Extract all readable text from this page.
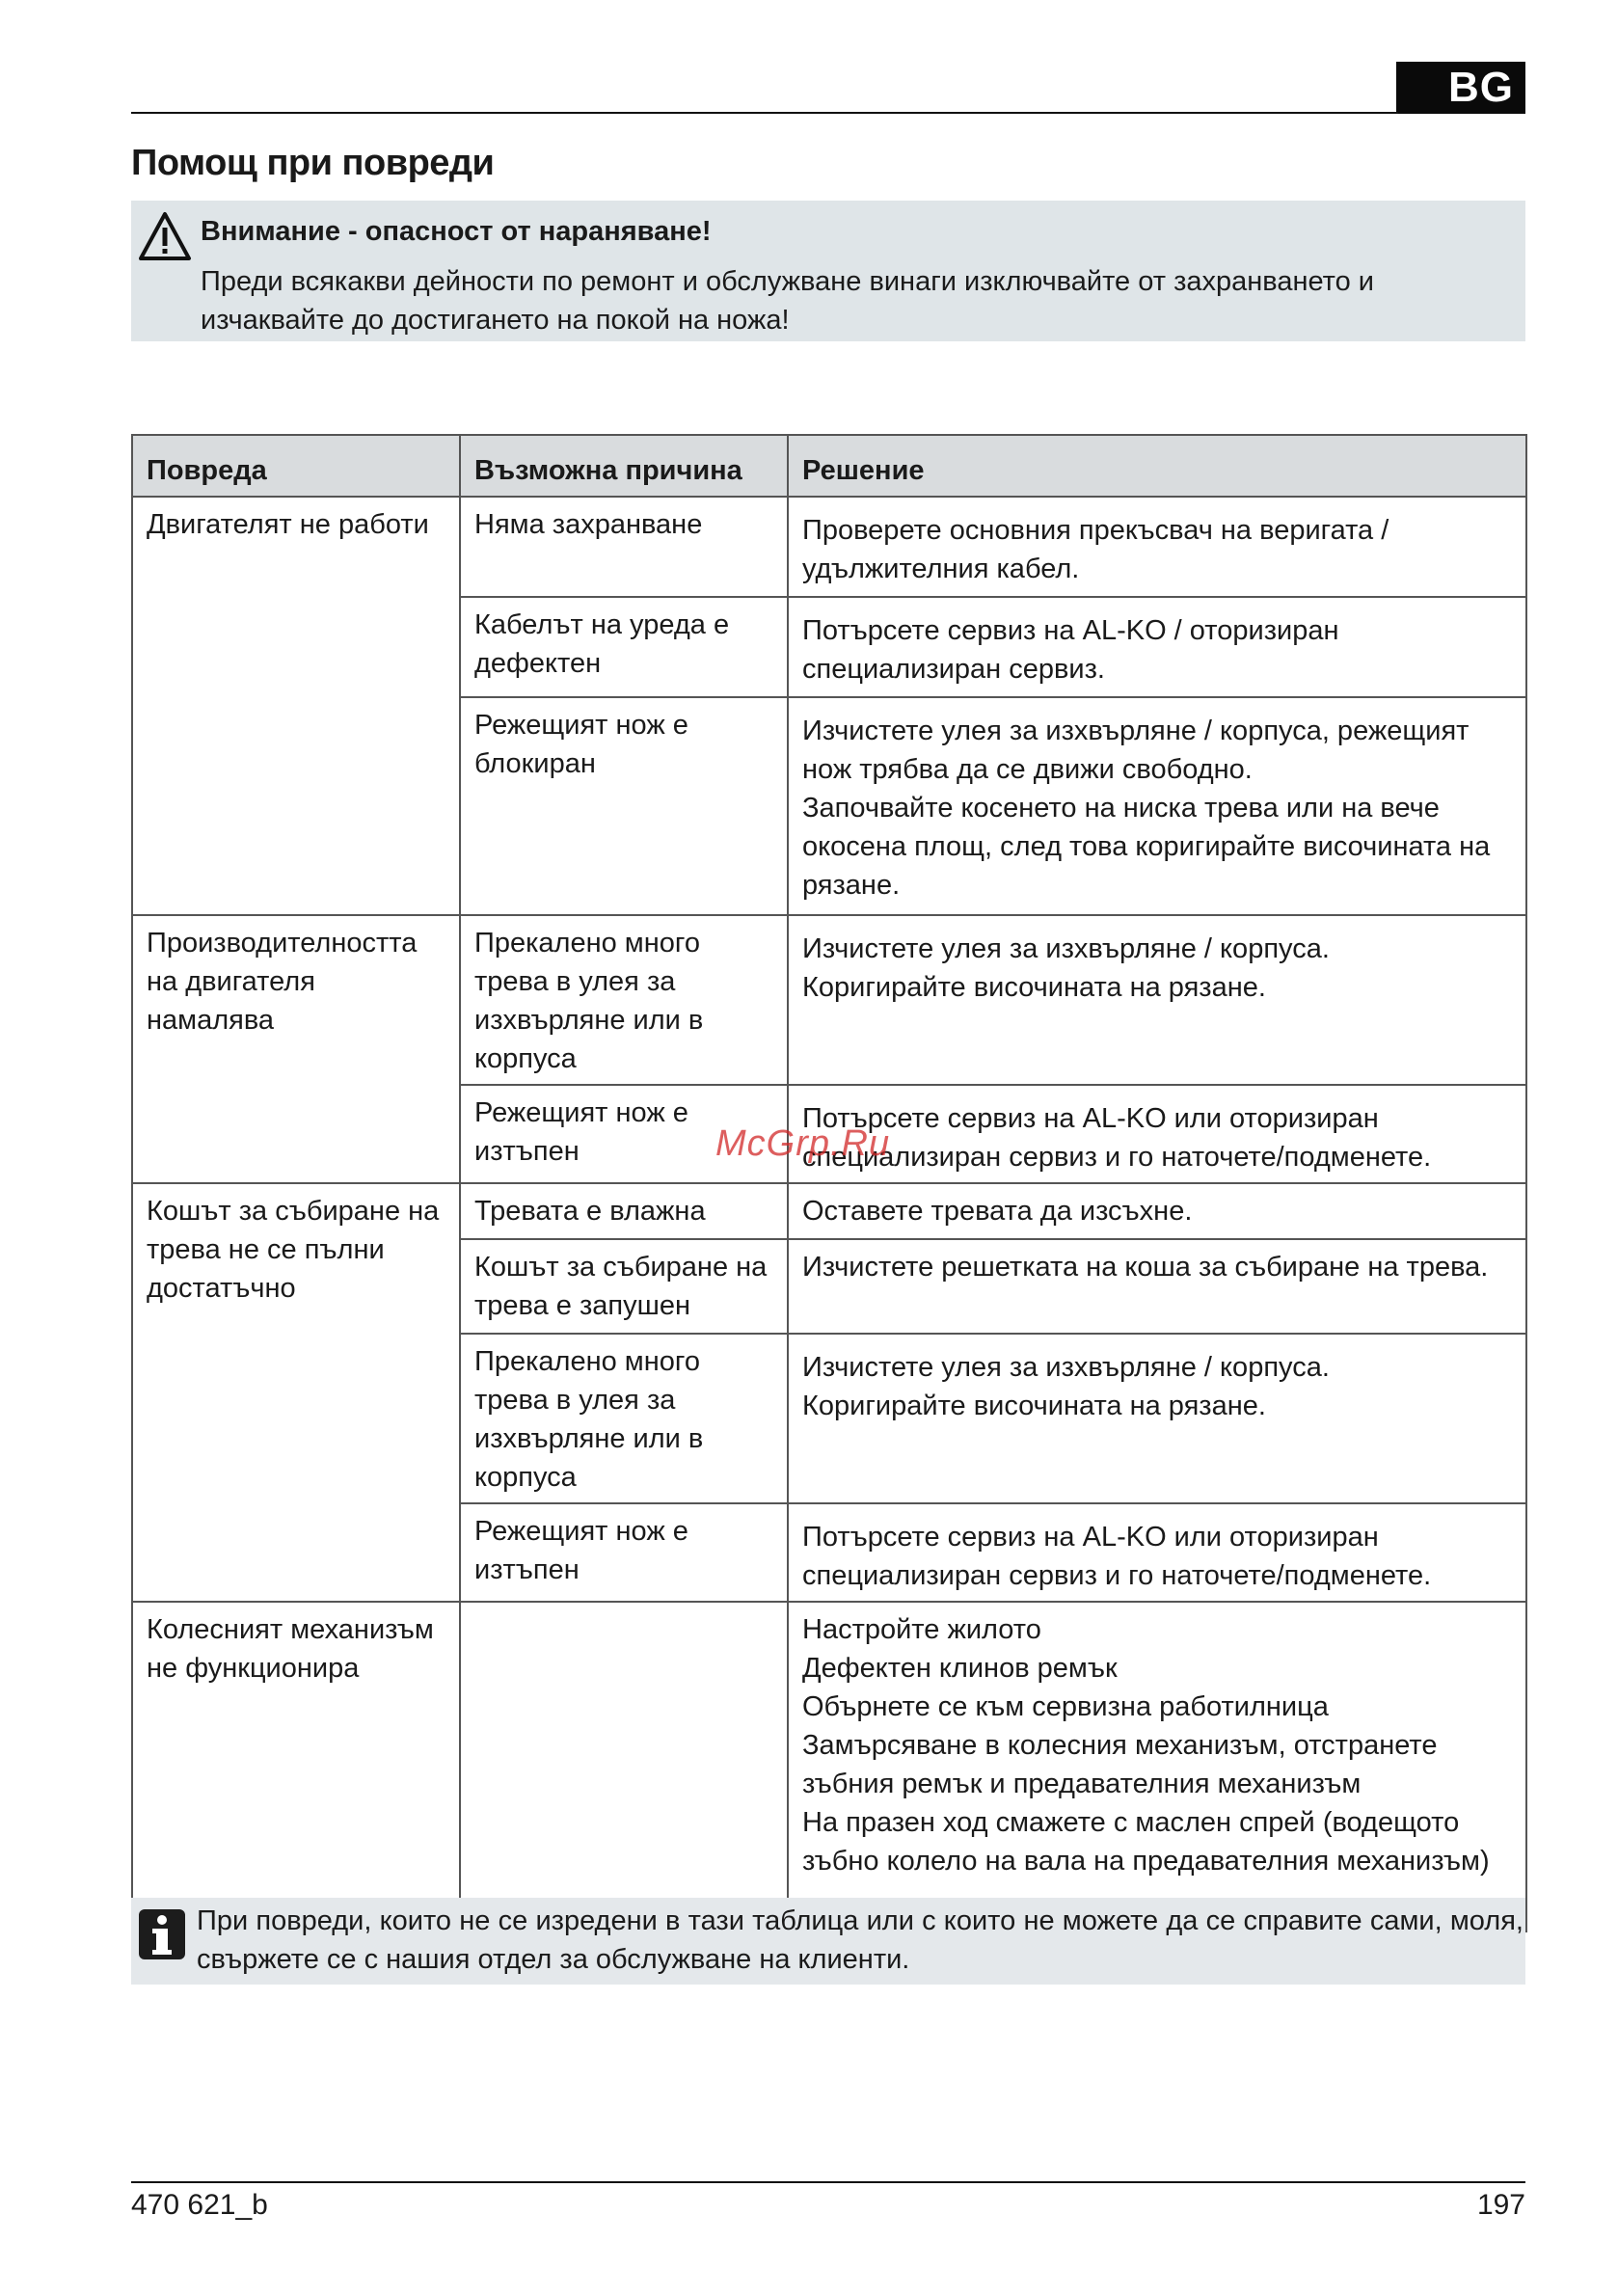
BG
Помощ при повреди
Внимание - опасност от нараняване!
Преди всякакви дейности по ремонт и обслужване винаги изключвайте от захранването и изчаквайте до достигането на покой на ножа!
Повреда	Възможна причина	Решение
Двигателят не работи	Няма захранване	Проверете основния прекъсвач на веригата / удължителния кабел.

	Кабелът на уреда е дефектен	Потърсете сервиз на AL-KO / оторизиран специализиран сервиз.

	Режещият нож е блокиран	Изчистете улея за изхвърляне / корпуса, режещият нож трябва да се движи свободно.
Започвайте косенето на ниска трева или на вече окосена площ, след това коригирайте височината на рязане.

Производителността на двигателя намалява	Прекалено много трева в улея за изхвърляне или в корпуса	Изчистете улея за изхвърляне / корпуса.
Коригирайте височината на рязане.

	Режещият нож е изтъпен	Потърсете сервиз на AL-KO или оторизиран специализиран сервиз и го наточете/подменете.

Кошът за събиране на трева не се пълни достатъчно	Тревата е влажна	Оставете тревата да изсъхне.

	Кошът за събиране на трева е запушен	Изчистете решетката на коша за събиране на трева.

	Прекалено много трева в улея за изхвърляне или в корпуса	Изчистете улея за изхвърляне / корпуса.
Коригирайте височината на рязане.

	Режещият нож е изтъпен	Потърсете сервиз на AL-KO или оторизиран специализиран сервиз и го наточете/подменете.

Колесният механизъм не функционира		Настройте жилото
Дефектен клинов ремък
Обърнете се към сервизна работилница
Замърсяване в колесния механизъм, отстранете зъбния ремък и предавателния механизъм
На празен ход смажете с маслен спрей (водещото зъбно колело на вала на предавателния механизъм)
McGrp.Ru
При повреди, които не се изредени в тази таблица или с които не можете да се справите сами, моля, свържете се с нашия отдел за обслужване на клиенти.
470 621_b	197
